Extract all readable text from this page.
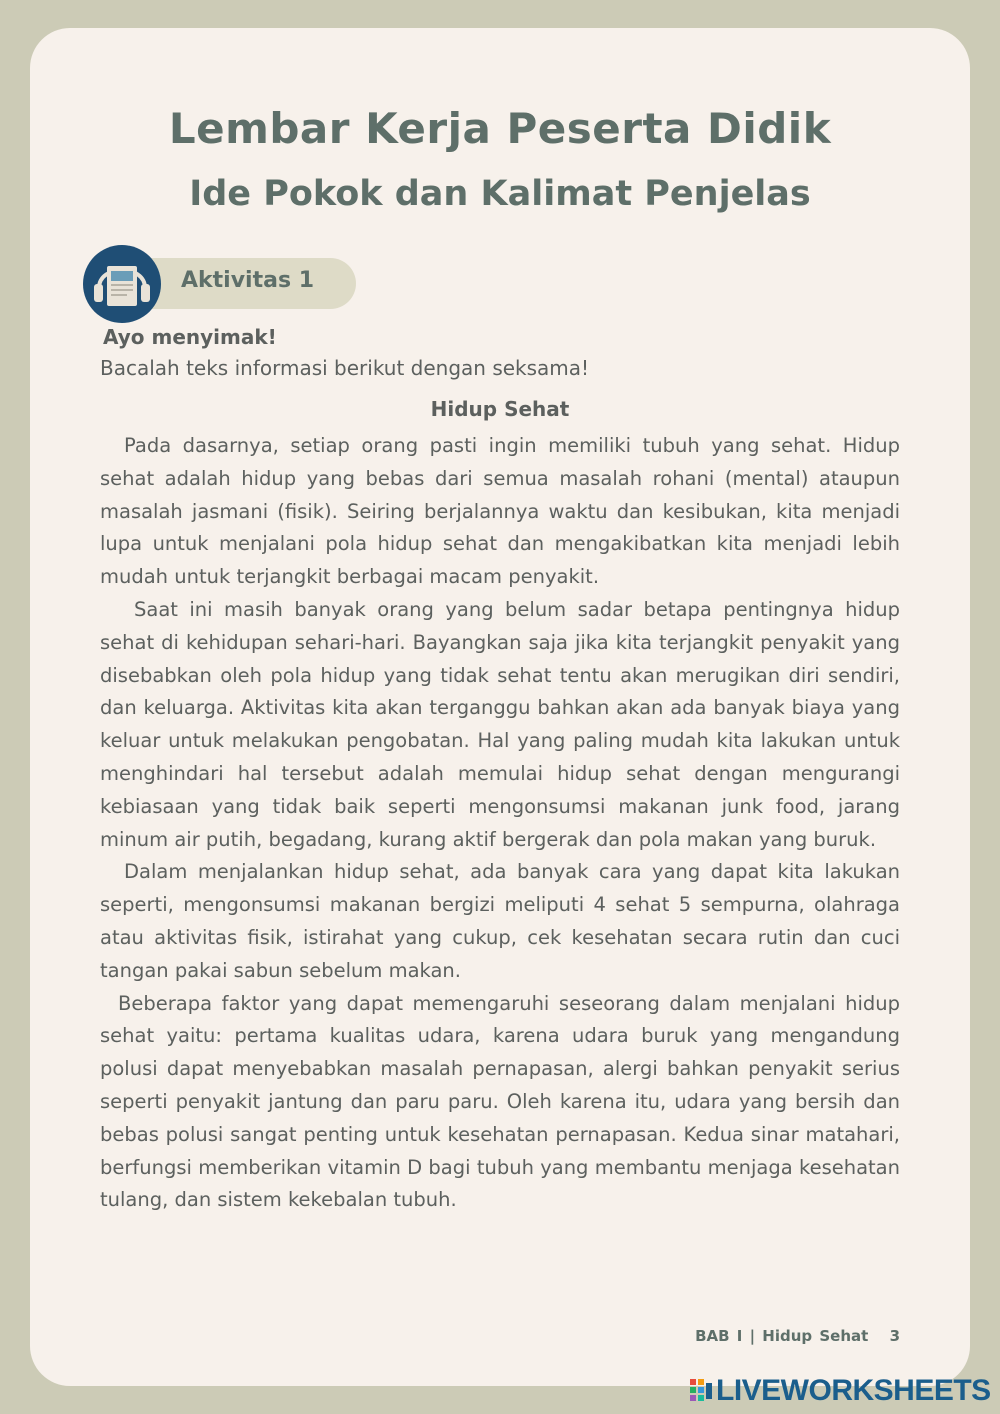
Lembar Kerja Peserta Didik
Ide Pokok dan Kalimat Penjelas
Aktivitas 1
Ayo menyimak!
Bacalah teks informasi berikut dengan seksama!
Hidup Sehat

Pada dasarnya, setiap orang pasti ingin memiliki tubuh yang sehat. Hidup sehat adalah hidup yang bebas dari semua masalah rohani (mental) ataupun masalah jasmani (fisik). Seiring berjalannya waktu dan kesibukan, kita menjadi lupa untuk menjalani pola hidup sehat dan mengakibatkan kita menjadi lebih mudah untuk terjangkit berbagai macam penyakit.

Saat ini masih banyak orang yang belum sadar betapa pentingnya hidup sehat di kehidupan sehari-hari. Bayangkan saja jika kita terjangkit penyakit yang disebabkan oleh pola hidup yang tidak sehat tentu akan merugikan diri sendiri, dan keluarga. Aktivitas kita akan terganggu bahkan akan ada banyak biaya yang keluar untuk melakukan pengobatan. Hal yang paling mudah kita lakukan untuk menghindari hal tersebut adalah memulai hidup sehat dengan mengurangi kebiasaan yang tidak baik seperti mengonsumsi makanan junk food, jarang minum air putih, begadang, kurang aktif bergerak dan pola makan yang buruk.

Dalam menjalankan hidup sehat, ada banyak cara yang dapat kita lakukan seperti, mengonsumsi makanan bergizi meliputi 4 sehat 5 sempurna, olahraga atau aktivitas fisik, istirahat yang cukup, cek kesehatan secara rutin dan cuci tangan pakai sabun sebelum makan.

Beberapa faktor yang dapat memengaruhi seseorang dalam menjalani hidup sehat yaitu: pertama kualitas udara, karena udara buruk yang mengandung polusi dapat menyebabkan masalah pernapasan, alergi bahkan penyakit serius seperti penyakit jantung dan paru paru. Oleh karena itu, udara yang bersih dan bebas polusi sangat penting untuk kesehatan pernapasan. Kedua sinar matahari, berfungsi memberikan vitamin D bagi tubuh yang membantu menjaga kesehatan tulang, dan sistem kekebalan tubuh.

BAB I | Hidup Sehat 3
LIVEWORKSHEETS
